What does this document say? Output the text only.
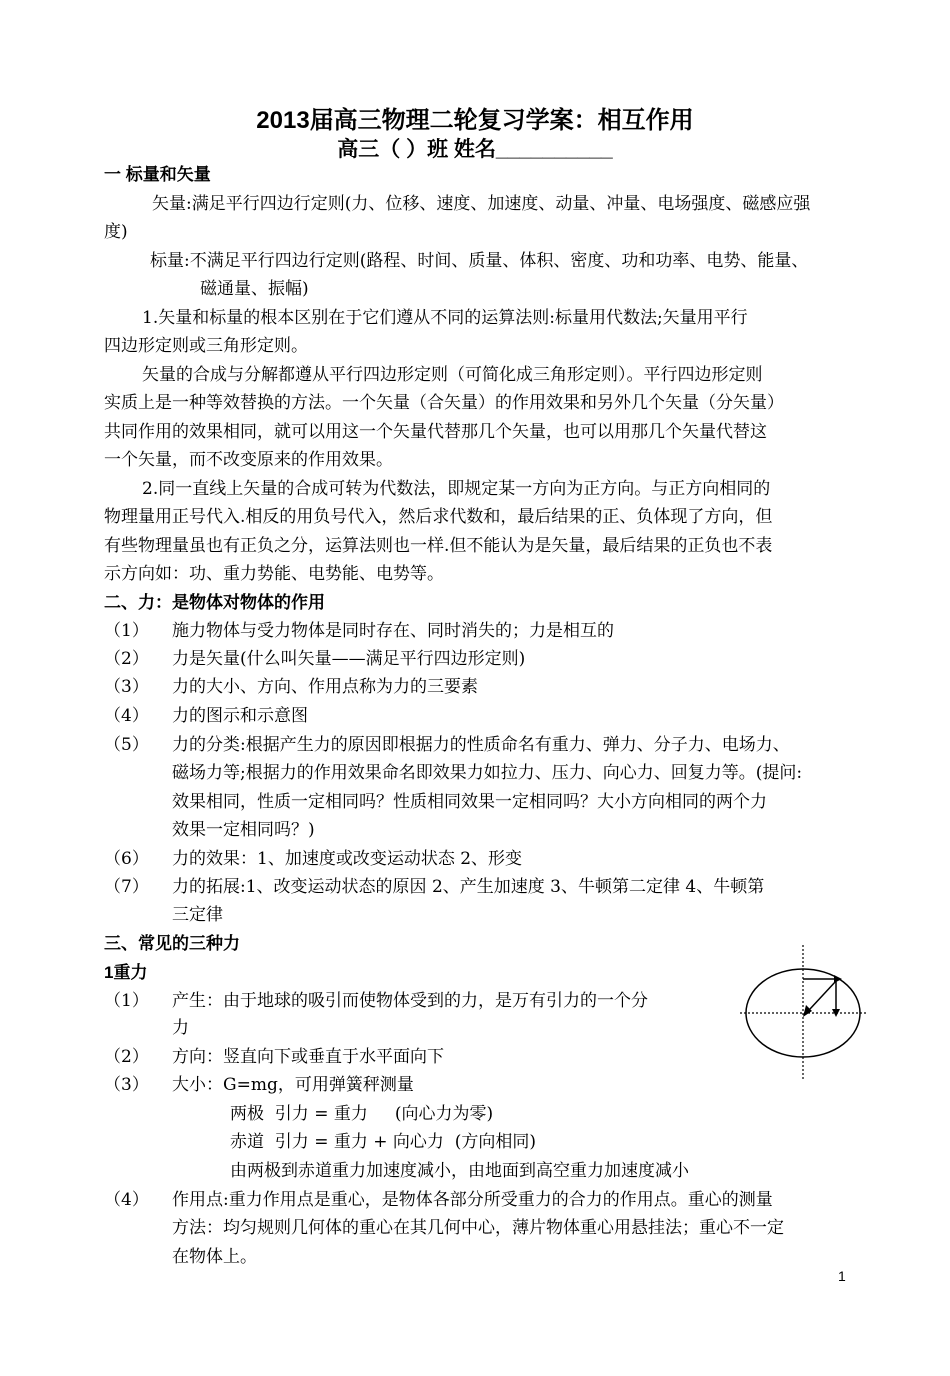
2013届高三物理二轮复习学案：相互作用
高三（ ）班 姓名__________
一 标量和矢量
矢量:满足平行四边行定则(力、位移、速度、加速度、动量、冲量、电场强度、磁感应强
度)
标量:不满足平行四边行定则(路程、时间、质量、体积、密度、功和功率、电势、能量、
磁通量、振幅)
1.矢量和标量的根本区别在于它们遵从不同的运算法则:标量用代数法;矢量用平行
四边形定则或三角形定则。
矢量的合成与分解都遵从平行四边形定则（可简化成三角形定则）。平行四边形定则
实质上是一种等效替换的方法。一个矢量（合矢量）的作用效果和另外几个矢量（分矢量）
共同作用的效果相同，就可以用这一个矢量代替那几个矢量，也可以用那几个矢量代替这
一个矢量，而不改变原来的作用效果。
2.同一直线上矢量的合成可转为代数法，即规定某一方向为正方向。与正方向相同的
物理量用正号代入.相反的用负号代入，然后求代数和，最后结果的正、负体现了方向，但
有些物理量虽也有正负之分，运算法则也一样.但不能认为是矢量，最后结果的正负也不表
示方向如：功、重力势能、电势能、电势等。
二、力：是物体对物体的作用
（1） 施力物体与受力物体是同时存在、同时消失的；力是相互的
（2） 力是矢量(什么叫矢量——满足平行四边形定则)
（3） 力的大小、方向、作用点称为力的三要素
（4） 力的图示和示意图
（5） 力的分类:根据产生力的原因即根据力的性质命名有重力、弹力、分子力、电场力、
磁场力等;根据力的作用效果命名即效果力如拉力、压力、向心力、回复力等。(提问:
效果相同，性质一定相同吗？性质相同效果一定相同吗？大小方向相同的两个力
效果一定相同吗？)
（6） 力的效果：1、加速度或改变运动状态 2、形变
（7） 力的拓展:1、改变运动状态的原因 2、产生加速度 3、牛顿第二定律 4、牛顿第
三定律
三、常见的三种力
1重力
（1） 产生：由于地球的吸引而使物体受到的力，是万有引力的一个分
力
（2） 方向：竖直向下或垂直于水平面向下
（3） 大小：G=mg，可用弹簧秤测量
两极  引力 = 重力     (向心力为零)
赤道  引力 = 重力 + 向心力  (方向相同)
由两极到赤道重力加速度减小，由地面到高空重力加速度减小
（4） 作用点:重力作用点是重心，是物体各部分所受重力的合力的作用点。重心的测量
方法：均匀规则几何体的重心在其几何中心，薄片物体重心用悬挂法；重心不一定
在物体上。
1
